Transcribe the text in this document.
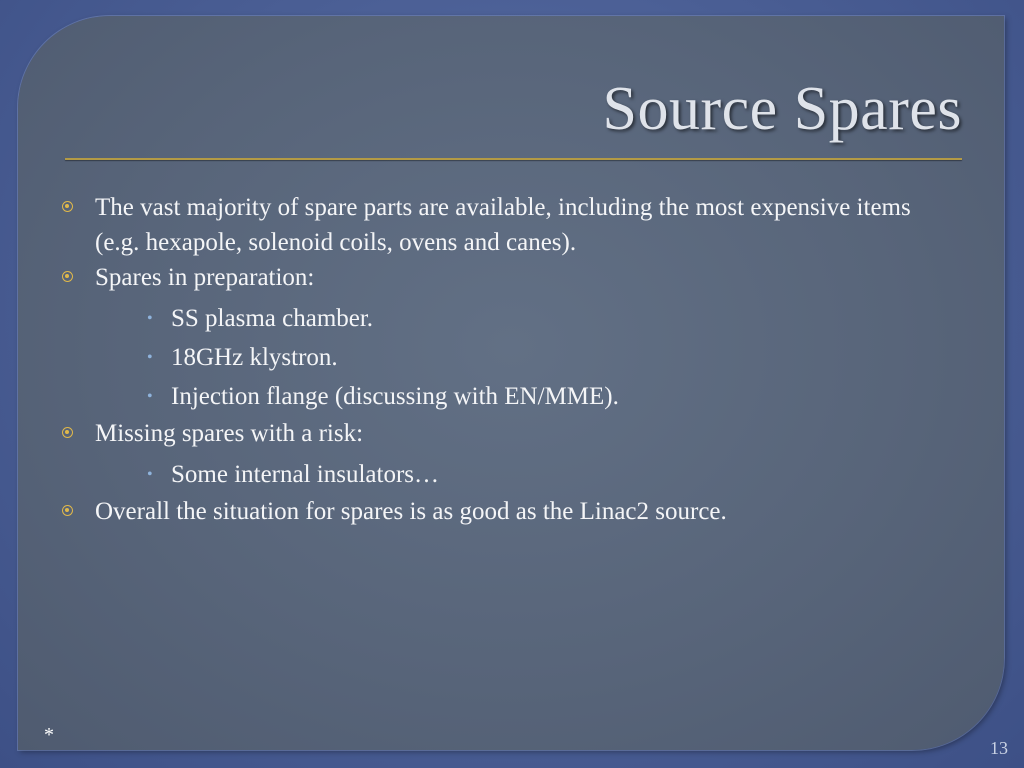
Source Spares
The vast majority of spare parts are available, including the most expensive items (e.g. hexapole, solenoid coils, ovens and canes).
Spares in preparation:
• SS plasma chamber.
• 18GHz klystron.
• Injection flange (discussing with EN/MME).
Missing spares with a risk:
• Some internal insulators…
Overall the situation for spares is as good as the Linac2 source.
*
13
